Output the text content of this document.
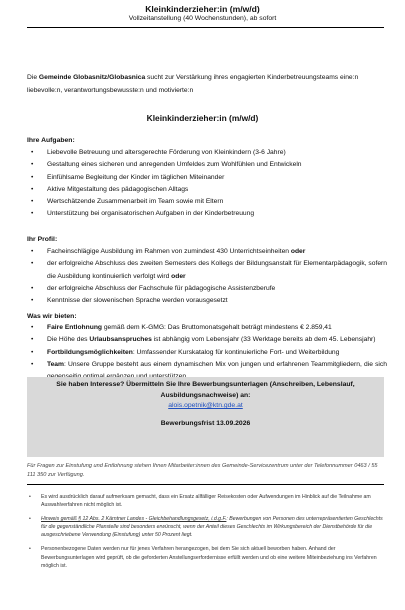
Kleinkinderzieher:in (m/w/d)
Vollzeitanstellung (40 Wochenstunden), ab sofort
Die Gemeinde Globasnitz/Globasnica sucht zur Verstärkung ihres engagierten Kinderbetreuungsteams eine:n liebevolle:n, verantwortungsbewusste:n und motivierte:n
Kleinkinderzieher:in (m/w/d)
Ihre Aufgaben:
• Liebevolle Betreuung und altersgerechte Förderung von Kleinkindern (3-6 Jahre)
• Gestaltung eines sicheren und anregenden Umfeldes zum Wohlfühlen und Entwickeln
• Einfühlsame Begleitung der Kinder im täglichen Miteinander
• Aktive Mitgestaltung des pädagogischen Alltags
• Wertschätzende Zusammenarbeit im Team sowie mit Eltern
• Unterstützung bei organisatorischen Aufgaben in der Kinderbetreuung
Ihr Profil:
• Facheinschlägige Ausbildung im Rahmen von zumindest 430 Unterrichtseinheiten oder
• der erfolgreiche Abschluss des zweiten Semesters des Kollegs der Bildungsanstalt für Elementarpädagogik, sofern die Ausbildung kontinuierlich verfolgt wird oder
• der erfolgreiche Abschluss der Fachschule für pädagogische Assistenzberufe
• Kenntnisse der slowenischen Sprache werden vorausgesetzt
Was wir bieten:
• Faire Entlohnung gemäß dem K-GMG: Das Bruttomonatsgehalt beträgt mindestens € 2.859,41
• Die Höhe des Urlaubsanspruches ist abhängig vom Lebensjahr (33 Werktage bereits ab dem 45. Lebensjahr)
• Fortbildungsmöglichkeiten: Umfassender Kurskatalog für kontinuierliche Fort- und Weiterbildung
• Team: Unsere Gruppe besteht aus einem dynamischen Mix von jungen und erfahrenen Teammitgliedern, die sich
Sie haben Interesse? Übermitteln Sie Ihre Bewerbungsunterlagen (Anschreiben, Lebenslauf, Ausbildungsnachweise) an:
alois.opetnik@ktn.gde.at
Bewerbungsfrist 13.09.2026
Für Fragen zur Einstufung und Entlohnung stehen Ihnen Mitarbeiter:innen des Gemeinde-Servicezentrum unter der Telefonnummer 0463 / 55 111 350 zur Verfügung.
• Es wird ausdrücklich darauf aufmerksam gemacht, dass ein Ersatz allfälliger Reisekosten oder Aufwendungen im Hinblick auf die Teilnahme am Auswahlverfahren nicht möglich ist.
• Hinweis gemäß § 12 Abs. 2 Kärntner Landes - Gleichbehandlungsgesetz, i.d.g.F.: Bewerbungen von Personen des unterrepräsentierten Geschlechts für die gegenständliche Planstelle sind besonders erwünscht, wenn der Anteil dieses Geschlechts im Wirkungsbereich der Dienstbehörde für die ausgeschriebene Verwendung (Einstufung) unter 50 Prozent liegt.
• Personenbezogene Daten werden nur für jenes Verfahren herangezogen, bei dem Sie sich aktuell beworben haben. Anhand der Bewerbungsunterlagen wird geprüft, ob die geforderten Anstellungserfordernisse erfüllt werden und ob eine weitere Miteinbeziehung ins Verfahren möglich ist.
